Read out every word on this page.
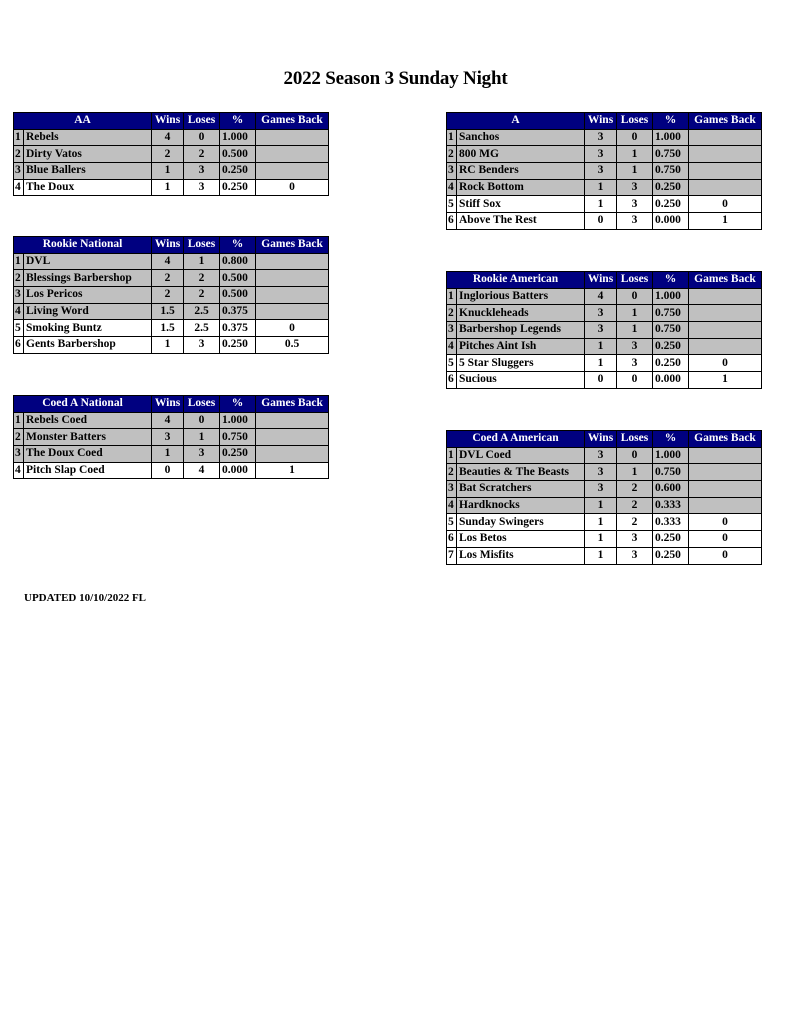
2022 Season 3 Sunday Night
AA		Wins	Loses	%	Games Back
1	Rebels	4	0	1.000	
2	Dirty Vatos	2	2	0.500	
3	Blue Ballers	1	3	0.250	
4	The Doux	1	3	0.250	0
A		Wins	Loses	%	Games Back
1	Sanchos	3	0	1.000	
2	800 MG	3	1	0.750	
3	RC Benders	3	1	0.750	
4	Rock Bottom	1	3	0.250	
5	Stiff Sox	1	3	0.250	0
6	Above The Rest	0	3	0.000	1
Rookie National		Wins	Loses	%	Games Back
1	DVL	4	1	0.800	
2	Blessings Barbershop	2	2	0.500	
3	Los Pericos	2	2	0.500	
4	Living Word	1.5	2.5	0.375	
5	Smoking Buntz	1.5	2.5	0.375	0
6	Gents Barbershop	1	3	0.250	0.5
Rookie American		Wins	Loses	%	Games Back
1	Inglorious Batters	4	0	1.000	
2	Knuckleheads	3	1	0.750	
3	Barbershop Legends	3	1	0.750	
4	Pitches Aint Ish	1	3	0.250	
5	5 Star Sluggers	1	3	0.250	0
6	Sucious	0	0	0.000	1
Coed A National		Wins	Loses	%	Games Back
1	Rebels Coed	4	0	1.000	
2	Monster Batters	3	1	0.750	
3	The Doux Coed	1	3	0.250	
4	Pitch Slap Coed	0	4	0.000	1
Coed A American		Wins	Loses	%	Games Back
1	DVL Coed	3	0	1.000	
2	Beauties & The Beasts	3	1	0.750	
3	Bat Scratchers	3	2	0.600	
4	Hardknocks	1	2	0.333	
5	Sunday Swingers	1	2	0.333	0
6	Los Betos	1	3	0.250	0
7	Los Misfits	1	3	0.250	0
UPDATED 10/10/2022 FL
